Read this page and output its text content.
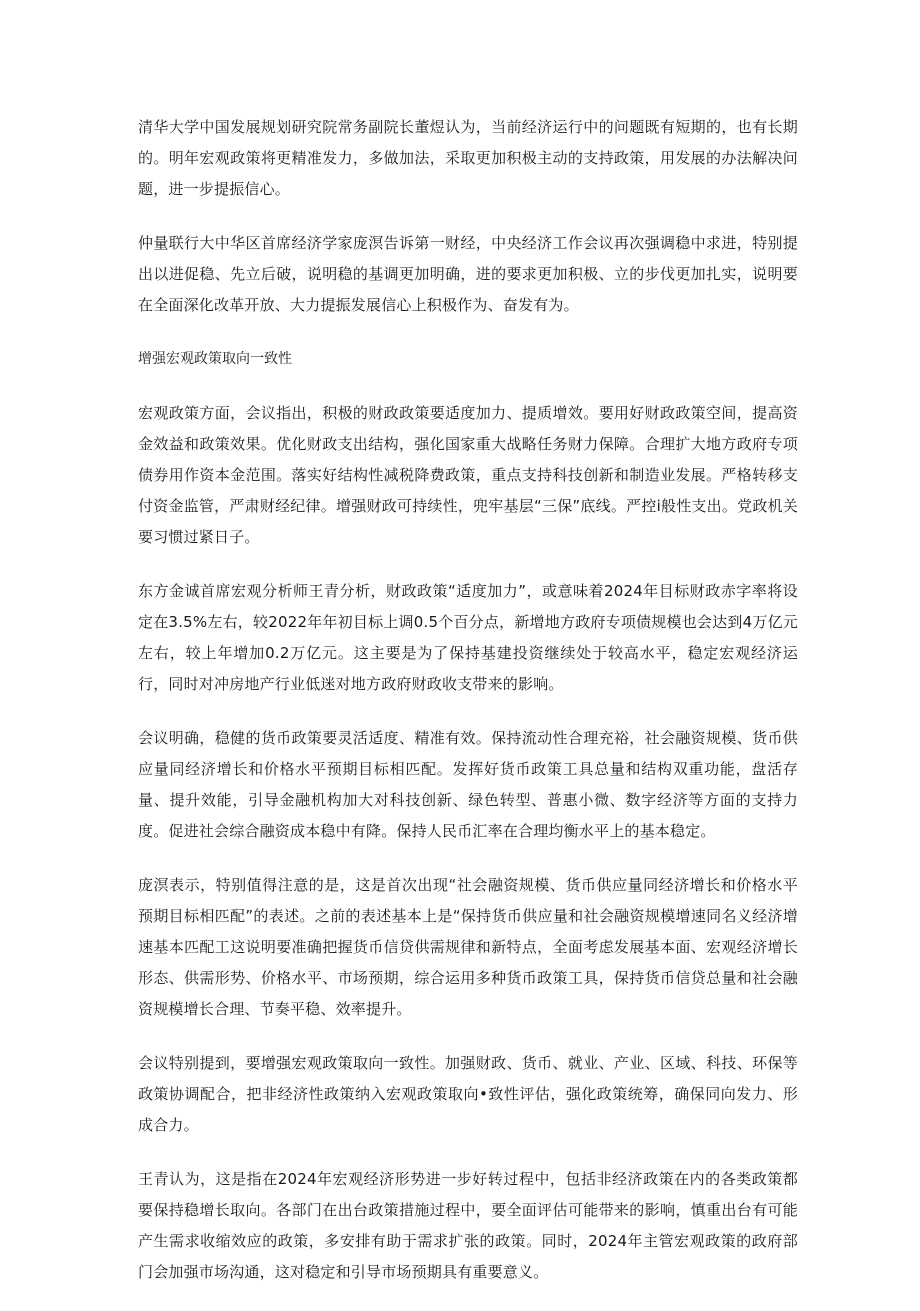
清华大学中国发展规划研究院常务副院长董煜认为，当前经济运行中的问题既有短期的，也有长期的。明年宏观政策将更精准发力，多做加法，采取更加积极主动的支持政策，用发展的办法解决问题，进一步提振信心。

仲量联行大中华区首席经济学家庞溟告诉第一财经，中央经济工作会议再次强调稳中求进，特别提出以进促稳、先立后破，说明稳的基调更加明确，进的要求更加积极、立的步伐更加扎实，说明要在全面深化改革开放、大力提振发展信心上积极作为、奋发有为。

增强宏观政策取向一致性

宏观政策方面，会议指出，积极的财政政策要适度加力、提质增效。要用好财政政策空间，提高资金效益和政策效果。优化财政支出结构，强化国家重大战略任务财力保障。合理扩大地方政府专项债券用作资本金范围。落实好结构性减税降费政策，重点支持科技创新和制造业发展。严格转移支付资金监管，严肃财经纪律。增强财政可持续性，兜牢基层“三保”底线。严控i般性支出。党政机关要习惯过紧日子。

东方金诚首席宏观分析师王青分析，财政政策“适度加力”，或意味着2024年目标财政赤字率将设定在3.5%左右，较2022年年初目标上调0.5个百分点，新增地方政府专项债规模也会达到4万亿元左右，较上年增加0.2万亿元。这主要是为了保持基建投资继续处于较高水平，稳定宏观经济运行，同时对冲房地产行业低迷对地方政府财政收支带来的影响。

会议明确，稳健的货币政策要灵活适度、精准有效。保持流动性合理充裕，社会融资规模、货币供应量同经济增长和价格水平预期目标相匹配。发挥好货币政策工具总量和结构双重功能，盘活存量、提升效能，引导金融机构加大对科技创新、绿色转型、普惠小微、数字经济等方面的支持力度。促进社会综合融资成本稳中有降。保持人民币汇率在合理均衡水平上的基本稳定。

庞溟表示，特别值得注意的是，这是首次出现“社会融资规模、货币供应量同经济增长和价格水平预期目标相匹配”的表述。之前的表述基本上是“保持货币供应量和社会融资规模增速同名义经济增速基本匹配工这说明要准确把握货币信贷供需规律和新特点，全面考虑发展基本面、宏观经济增长形态、供需形势、价格水平、市场预期，综合运用多种货币政策工具，保持货币信贷总量和社会融资规模增长合理、节奏平稳、效率提升。

会议特别提到，要增强宏观政策取向一致性。加强财政、货币、就业、产业、区域、科技、环保等政策协调配合，把非经济性政策纳入宏观政策取向•致性评估，强化政策统筹，确保同向发力、形成合力。

王青认为，这是指在2024年宏观经济形势进一步好转过程中，包括非经济政策在内的各类政策都要保持稳增长取向。各部门在出台政策措施过程中，要全面评估可能带来的影响，慎重出台有可能产生需求收缩效应的政策，多安排有助于需求扩张的政策。同时，2024年主管宏观政策的政府部门会加强市场沟通，这对稳定和引导市场预期具有重要意义。
